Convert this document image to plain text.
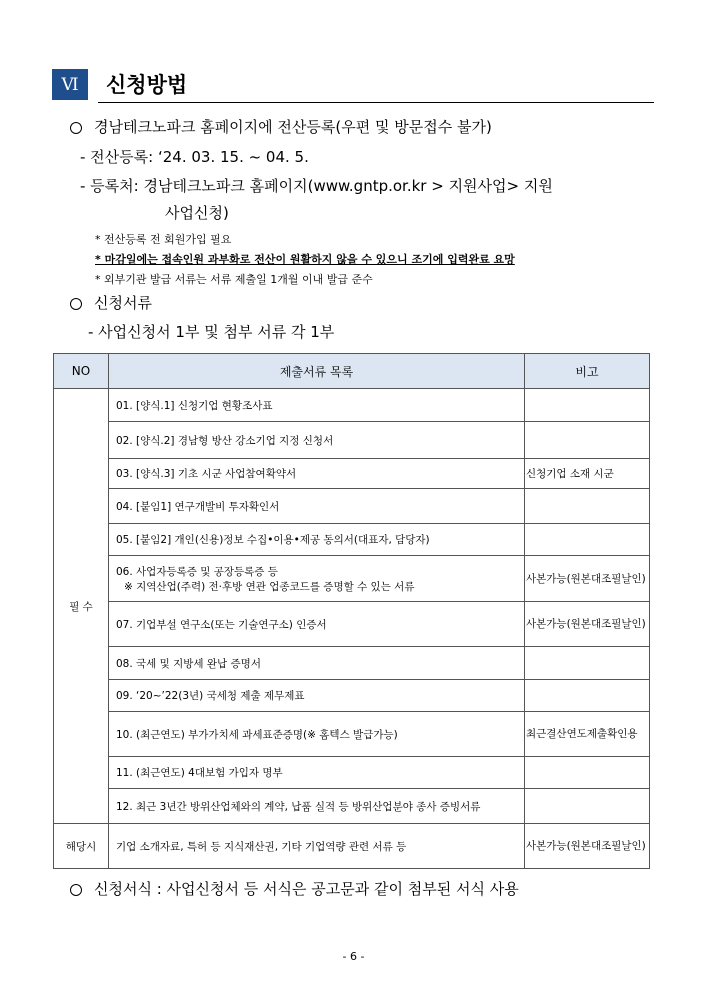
Ⅵ	신청방법
경남테크노파크 홈페이지에 전산등록(우편 및 방문접수 불가)
- 전산등록: ‘24. 03. 15. ~ 04. 5.
- 등록처: 경남테크노파크 홈페이지(www.gntp.or.kr > 지원사업> 지원
사업신청)
* 전산등록 전 회원가입 필요
* 마감일에는 접속인원 과부화로 전산이 원활하지 않을 수 있으니 조기에 입력완료 요망
* 외부기관 발급 서류는 서류 제출일 1개월 이내 발급 준수
신청서류
- 사업신청서 1부 및 첨부 서류 각 1부
NO	제출서류 목록	비고
필 수	01. [양식.1] 신청기업 현황조사표	
	02. [양식.2] 경남형 방산 강소기업 지정 신청서	
	03. [양식.3] 기초 시군 사업참여확약서	신청기업 소재 시군
	04. [붙임1] 연구개발비 투자확인서	
	05. [붙임2] 개인(신용)정보 수집•이용•제공 동의서(대표자, 담당자)	

	06. 사업자등록증 및 공장등록증 등
※ 지역산업(주력) 전·후방 연관 업종코드를 증명할 수 있는 서류	사본가능(원본대조필날인)
	07. 기업부설 연구소(또는 기술연구소) 인증서	사본가능(원본대조필날인)
	08. 국세 및 지방세 완납 증명서	
	09. ‘20~’22(3년) 국세청 제출 제무제표	
	10. (최근연도) 부가가치세 과세표준증명(※ 홈텍스 발급가능)	최근결산연도제출확인용
	11. (최근연도) 4대보험 가입자 명부	
	12. 최근 3년간 방위산업체와의 계약, 납품 실적 등 방위산업분야 종사 증빙서류	
해당시	기업 소개자료, 특허 등 지식재산권, 기타 기업역량 관련 서류 등	사본가능(원본대조필날인)
신청서식 : 사업신청서 등 서식은 공고문과 같이 첨부된 서식 사용
- 6 -
